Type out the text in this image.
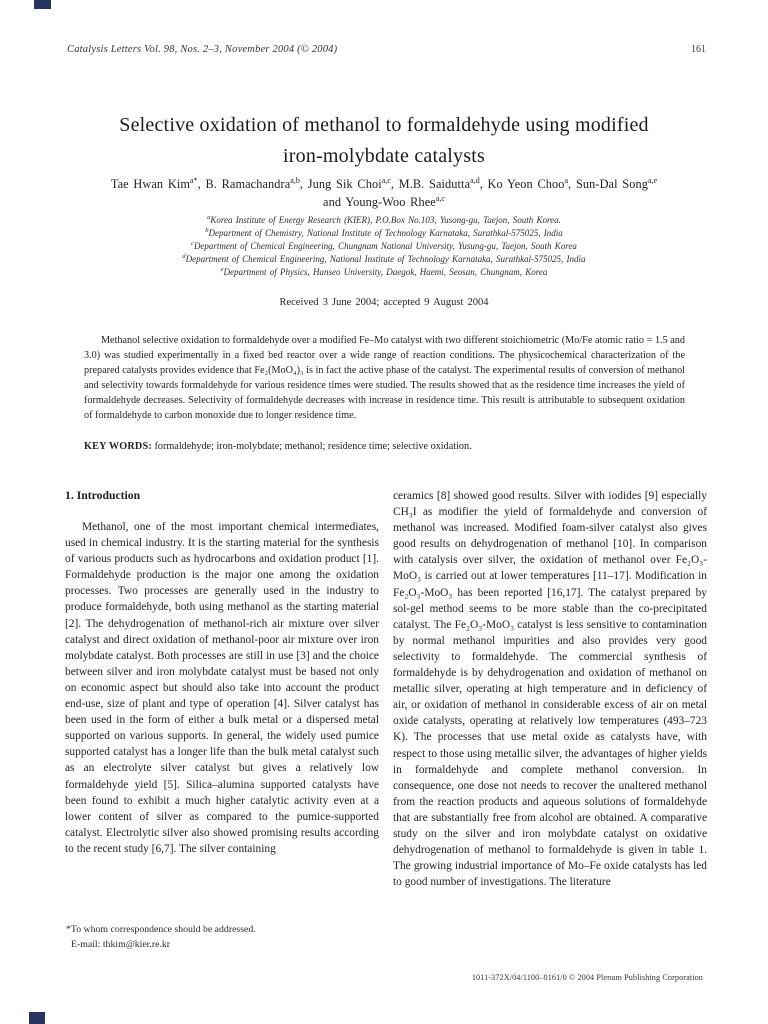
Catalysis Letters Vol. 98, Nos. 2–3, November 2004 (© 2004)	161
Selective oxidation of methanol to formaldehyde using modified
iron-molybdate catalysts
Tae Hwan Kim$^{a*}$, B. Ramachandra$^{a,b}$, Jung Sik Choi$^{a,c}$, M.B. Saidutta$^{a,d}$, Ko Yeon Choo$^a$, Sun-Dal Song$^{a,e}$
and Young-Woo Rhee$^{a,c}$
$^a$Korea Institute of Energy Research (KIER), P.O.Box No.103, Yusong-gu, Taejon, South Korea.
$^b$Department of Chemistry, National Institute of Technology Karnataka, Surathkal-575025, India
$^c$Department of Chemical Engineering, Chungnam National University, Yusung-gu, Taejon, South Korea
$^d$Department of Chemical Engineering, National Institute of Technology Karnataka, Surathkal-575025, India
$^e$Department of Physics, Hanseo University, Daegok, Haemi, Seosan, Chungnam, Korea
Received 3 June 2004; accepted 9 August 2004

Methanol selective oxidation to formaldehyde over a modified Fe–Mo catalyst with two different stoichiometric (Mo/Fe atomic ratio = 1.5 and 3.0) was studied experimentally in a fixed bed reactor over a wide range of reaction conditions. The physicochemical characterization of the prepared catalysts provides evidence that Fe₂(MoO₄)₃ is in fact the active phase of the catalyst. The experimental results of conversion of methanol and selectivity towards formaldehyde for various residence times were studied. The results showed that as the residence time increases the yield of formaldehyde decreases. Selectivity of formaldehyde decreases with increase in residence time. This result is attributable to subsequent oxidation of formaldehyde to carbon monoxide due to longer residence time.

KEY WORDS: formaldehyde; iron-molybdate; methanol; residence time; selective oxidation.

1. Introduction

Methanol, one of the most important chemical intermediates, used in chemical industry. It is the starting material for the synthesis of various products such as hydrocarbons and oxidation product [1]. Formaldehyde production is the major one among the oxidation processes. Two processes are generally used in the industry to produce formaldehyde, both using methanol as the starting material [2]. The dehydrogenation of methanol-rich air mixture over silver catalyst and direct oxidation of methanol-poor air mixture over iron molybdate catalyst. Both processes are still in use [3] and the choice between silver and iron molybdate catalyst must be based not only on economic aspect but should also take into account the product end-use, size of plant and type of operation [4]. Silver catalyst has been used in the form of either a bulk metal or a dispersed metal supported on various supports. In general, the widely used pumice supported catalyst has a longer life than the bulk metal catalyst such as an electrolyte silver catalyst but gives a relatively low formaldehyde yield [5]. Silica–alumina supported catalysts have been found to exhibit a much higher catalytic activity even at a lower content of silver as compared to the pumice-supported catalyst. Electrolytic silver also showed promising results according to the recent study [6,7]. The silver containing

ceramics [8] showed good results. Silver with iodides [9] especially CH₃I as modifier the yield of formaldehyde and conversion of methanol was increased. Modified foam-silver catalyst also gives good results on dehydrogenation of methanol [10]. In comparison with catalysis over silver, the oxidation of methanol over Fe₂O₃-MoO₃ is carried out at lower temperatures [11–17]. Modification in Fe₂O₃-MoO₃ has been reported [16,17]. The catalyst prepared by sol-gel method seems to be more stable than the co-precipitated catalyst. The Fe₂O₃-MoO₃ catalyst is less sensitive to contamination by normal methanol impurities and also provides very good selectivity to formaldehyde. The commercial synthesis of formaldehyde is by dehydrogenation and oxidation of methanol on metallic silver, operating at high temperature and in deficiency of air, or oxidation of methanol in considerable excess of air on metal oxide catalysts, operating at relatively low temperatures (493–723 K). The processes that use metal oxide as catalysts have, with respect to those using metallic silver, the advantages of higher yields in formaldehyde and complete methanol conversion. In consequence, one dose not needs to recover the unaltered methanol from the reaction products and aqueous solutions of formaldehyde that are substantially free from alcohol are obtained. A comparative study on the silver and iron molybdate catalyst on oxidative dehydrogenation of methanol to formaldehyde is given in table 1. The growing industrial importance of Mo–Fe oxide catalysts has led to good number of investigations. The literature

*To whom correspondence should be addressed.
E-mail: thkim@kier.re.kr
1011-372X/04/1100–0161/0 © 2004 Plenum Publishing Corporation
